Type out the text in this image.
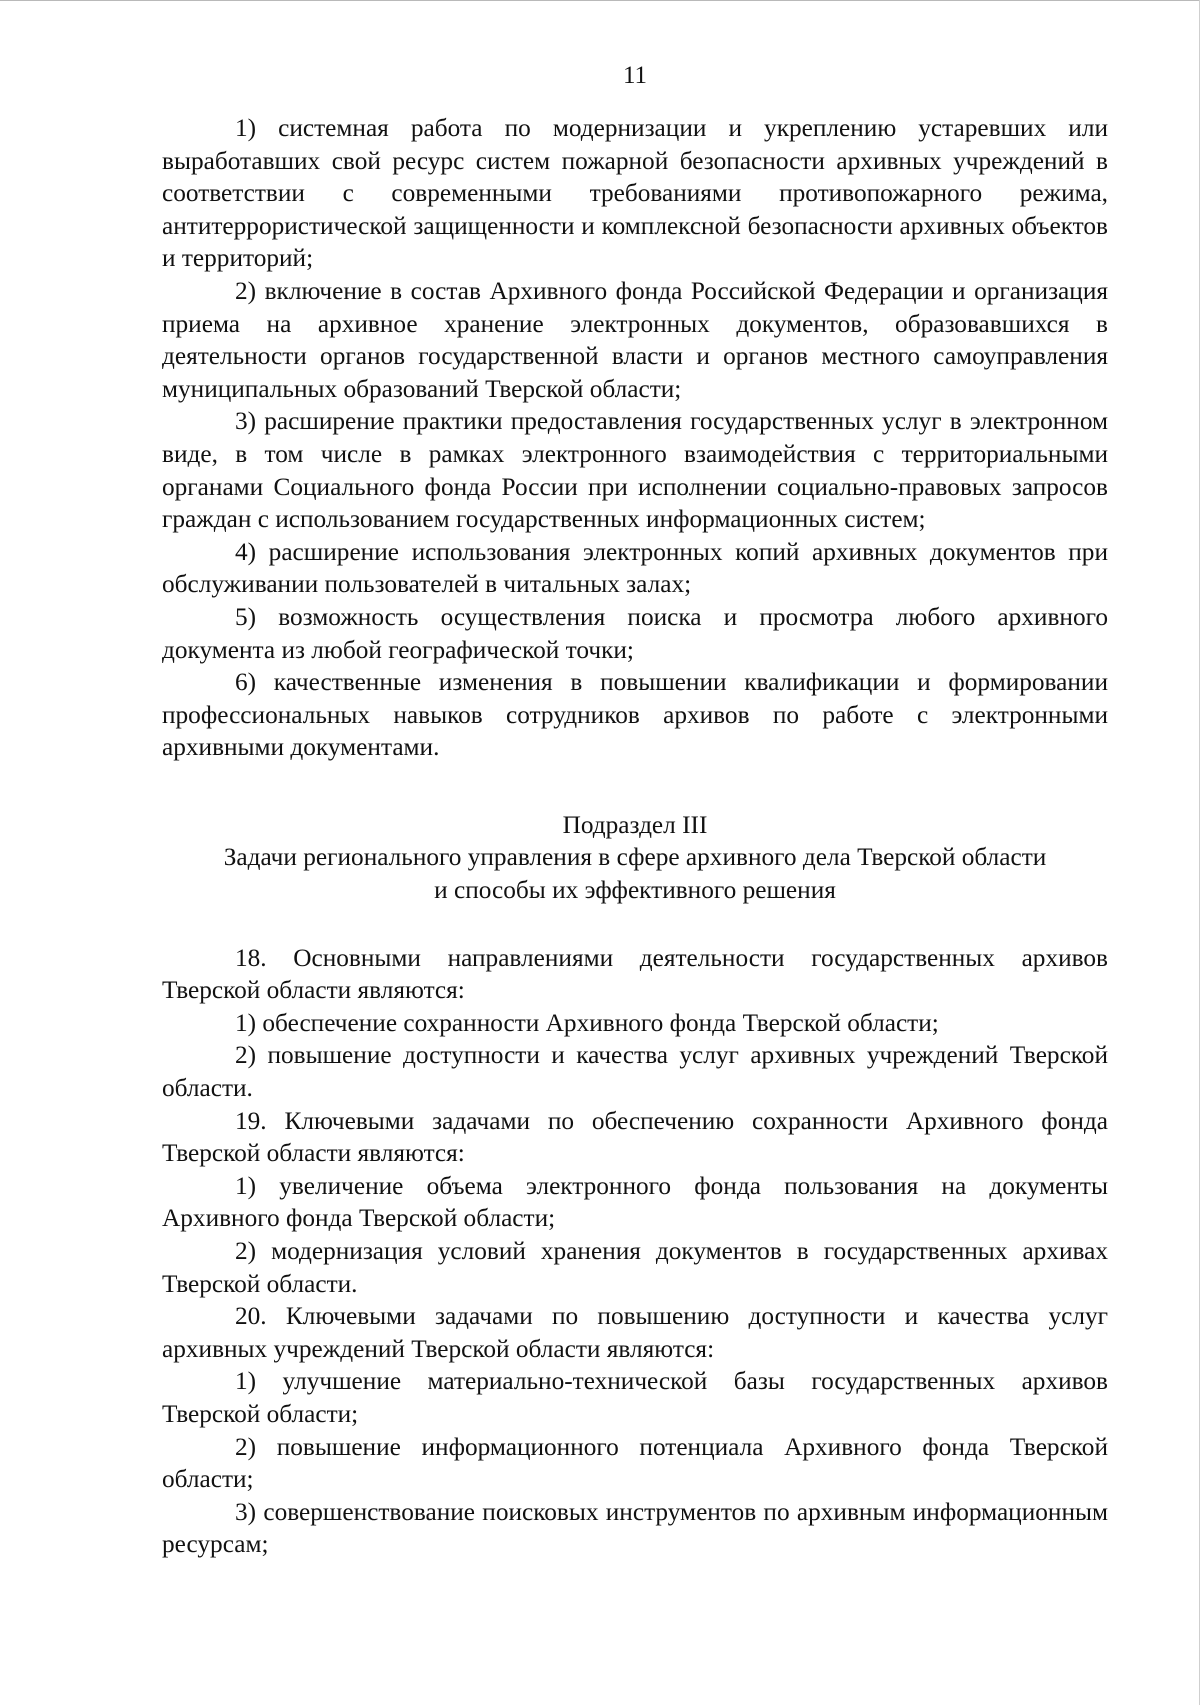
11

1) системная работа по модернизации и укреплению устаревших или выработавших свой ресурс систем пожарной безопасности архивных учреждений в соответствии с современными требованиями противопожарного режима, антитеррористической защищенности и комплексной безопасности архивных объектов и территорий;

2) включение в состав Архивного фонда Российской Федерации и организация приема на архивное хранение электронных документов, образовавшихся в деятельности органов государственной власти и органов местного самоуправления муниципальных образований Тверской области;

3) расширение практики предоставления государственных услуг в электронном виде, в том числе в рамках электронного взаимодействия с территориальными органами Социального фонда России при исполнении социально-правовых запросов граждан с использованием государственных информационных систем;

4) расширение использования электронных копий архивных документов при обслуживании пользователей в читальных залах;

5) возможность осуществления поиска и просмотра любого архивного документа из любой географической точки;

6) качественные изменения в повышении квалификации и формировании профессиональных навыков сотрудников архивов по работе с электронными архивными документами.

Подраздел III
Задачи регионального управления в сфере архивного дела Тверской области
и способы их эффективного решения

18. Основными направлениями деятельности государственных архивов Тверской области являются:

1) обеспечение сохранности Архивного фонда Тверской области;

2) повышение доступности и качества услуг архивных учреждений Тверской области.

19. Ключевыми задачами по обеспечению сохранности Архивного фонда Тверской области являются:

1) увеличение объема электронного фонда пользования на документы Архивного фонда Тверской области;

2) модернизация условий хранения документов в государственных архивах Тверской области.

20. Ключевыми задачами по повышению доступности и качества услуг архивных учреждений Тверской области являются:

1) улучшение материально-технической базы государственных архивов Тверской области;

2) повышение информационного потенциала Архивного фонда Тверской области;

3) совершенствование поисковых инструментов по архивным информационным ресурсам;
